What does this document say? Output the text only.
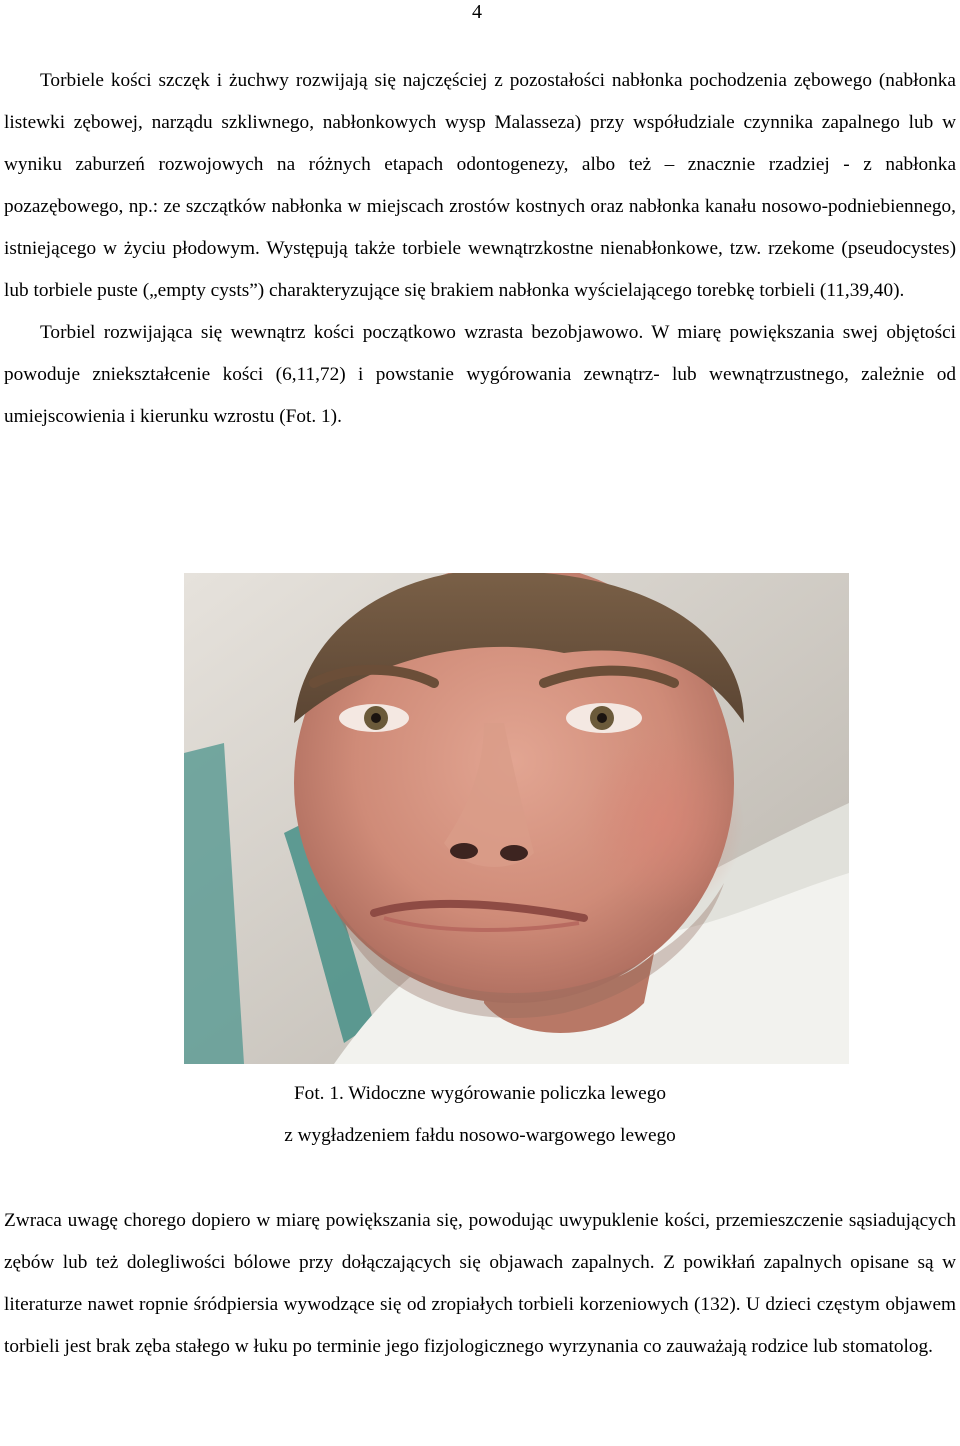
4

Torbiele kości szczęk i żuchwy rozwijają się najczęściej z pozostałości nabłonka pochodzenia zębowego (nabłonka listewki zębowej, narządu szkliwnego, nabłonkowych wysp Malasseza) przy współudziale czynnika zapalnego lub w wyniku zaburzeń rozwojowych na różnych etapach odontogenezy, albo też – znacznie rzadziej - z nabłonka pozazębowego, np.: ze szczątków nabłonka w miejscach zrostów kostnych oraz nabłonka kanału nosowo-podniebiennego, istniejącego w życiu płodowym. Występują także torbiele wewnątrzkostne nienabłonkowe, tzw. rzekome (pseudocystes) lub torbiele puste („empty cysts”) charakteryzujące się brakiem nabłonka wyścielającego torebkę torbieli (11,39,40).

Torbiel rozwijająca się wewnątrz kości początkowo wzrasta bezobjawowo. W miarę powiększania swej objętości powoduje zniekształcenie kości (6,11,72) i powstanie wygórowania zewnątrz- lub wewnątrzustnego, zależnie od umiejscowienia i kierunku wzrostu (Fot. 1).

Fot. 1. Widoczne wygórowanie policzka lewego
z wygładzeniem fałdu nosowo-wargowego lewego

Zwraca uwagę chorego dopiero w miarę powiększania się, powodując uwypuklenie kości, przemieszczenie sąsiadujących zębów lub też dolegliwości bólowe przy dołączających się objawach zapalnych. Z powikłań zapalnych opisane są w literaturze nawet ropnie śródpiersia wywodzące się od zropiałych torbieli korzeniowych (132). U dzieci częstym objawem torbieli jest brak zęba stałego w łuku po terminie jego fizjologicznego wyrzynania co zauważają rodzice lub stomatolog.
